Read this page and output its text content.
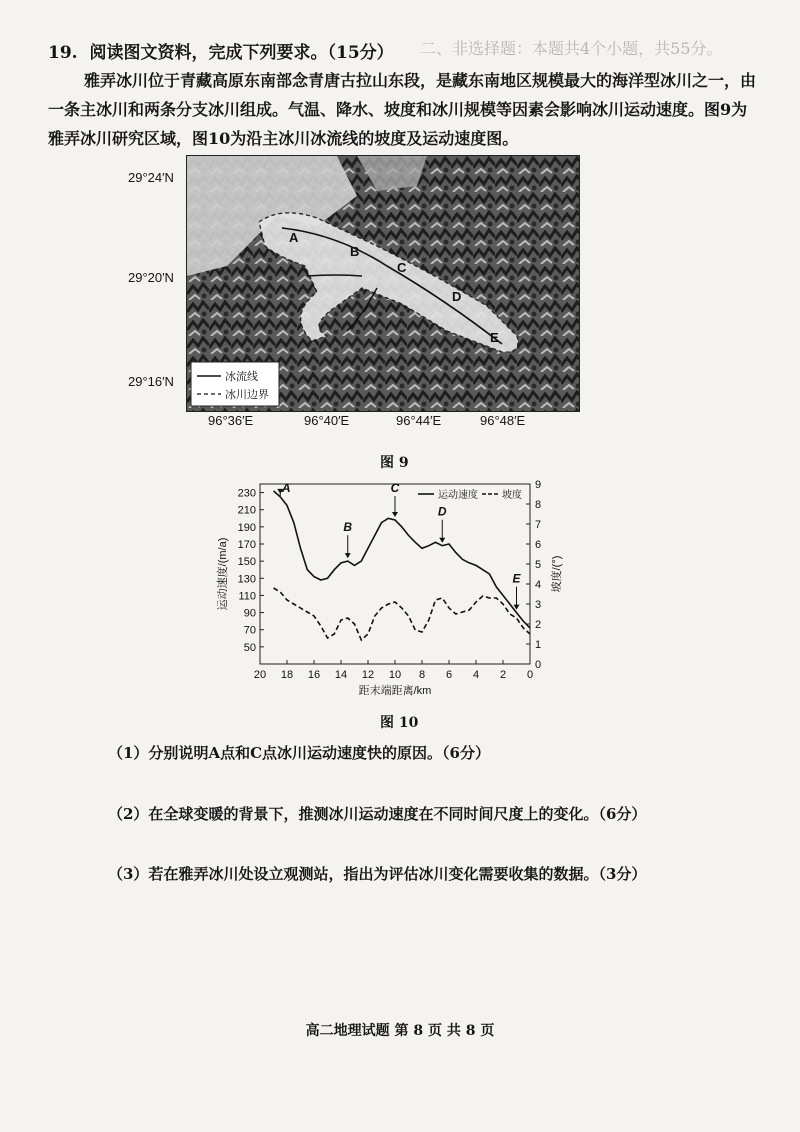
二、非选择题：本题共4个小题，共55分。
19. 阅读图文资料，完成下列要求。（15分）
雅弄冰川位于青藏高原东南部念青唐古拉山东段，是藏东南地区规模最大的海洋型冰川之一，由一条主冰川和两条分支冰川组成。气温、降水、坡度和冰川规模等因素会影响冰川运动速度。图9为雅弄冰川研究区域，图10为沿主冰川冰流线的坡度及运动速度图。
29°24′N
29°20′N
29°16′N
A
B
C
D
E
冰流线
冰川边界
96°36′E	96°40′E	96°44′E	96°48′E
图 9
50
70
90
110
130
150
170
190
210
230
0
1
2
3
4
5
6
7
8
9
20 18 16 14 12 10 8 6 4 2 0
距末端距离/km
运动速度/(m/a)	坡度/(°)
A
B
C
D
E
运动速度 坡度
图 10
（1）分别说明A点和C点冰川运动速度快的原因。（6分）
（2）在全球变暖的背景下，推测冰川运动速度在不同时间尺度上的变化。（6分）
（3）若在雅弄冰川处设立观测站，指出为评估冰川变化需要收集的数据。（3分）
高二地理试题 第 8 页 共 8 页
